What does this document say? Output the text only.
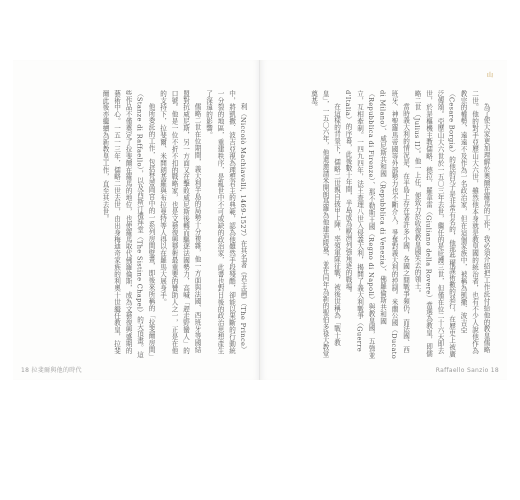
利（Niccolò Machiavelli, 1469-1527）在其名著《君主論》（The Prince）中，將凱撒．波吉亞視為理想君主的典範，認為他雖然手段殘酷，卻能以果斷的行動統一分裂的地區，重建秩序，是亂世中不可或缺的政治家，此書也對日後的政治思想產生了深遠的影響。

儒略二世在位期間，義大利半島的局勢十分複雜，他一方面與法國、西班牙等國結盟對抗威尼斯，另一方面又在擊敗威尼斯後轉而驅逐法國勢力，高喊「趕走野蠻人」的口號。他是一位不折不扣的戰略家，也是文藝復興藝術最重要的贊助人之一，正是在他的支持下，拉斐爾、米開朗基羅與布拉曼特等人得以在羅馬大展身手。

他所委託的工作，包括梵蒂岡宮中的一系列房間壁畫，即後來所稱的「拉斐爾房間」（Stanze di Raffaello），以及西斯汀禮拜堂（The Sistine Chapel）的天頂畫。這些作品不僅奠定了拉斐爾在羅馬的地位，也使羅馬取代佛羅倫斯，成為文藝復興盛期的藝術中心。一五一三年，儒略二世去世，由出身梅迪奇家族的利奧十世繼任教皇，拉斐爾此後亦繼續為新教皇工作，直至其去世。

18 拉斐爾與他的時代
山

為了使大家更加理解於奧爾在羅馬的工作，我必須介紹把工作託付給他的教皇儒略二世。他的對手亞歷山大六世，雖然他本身就是教皇國的統治者，也有不少人說他作為教宗的權勢，遠遠不及作為一名政治家，但在這個家族中，被稱為凱撒．波吉亞（Cesare Borgia）的他的兒子是非常有名的，他那些權謀術數的惡行，在歷史上被廣泛傳頌。亞歷山大六世於一五〇三年去世，繼任的是庇護三世，但僅在位二十六天即去世，於是樞機主教儒略．德拉．羅韋雷（Giuliano della Rovere）當選為教皇，即儒略二世（Julius II）。他一上任，便致力於收復教皇國失去的領土。

當時義大利的情況是，在半島上存在著許多小國，各國之間戰爭頻仍，而法國、西班牙、神聖羅馬帝國等外部勢力也不斷介入，爭奪對義大利的控制。米蘭公國（Ducato di Milano）、威尼斯共和國（Repubblica di Venezia）、佛羅倫斯共和國（Repubblica di Firenze）、那不勒斯王國（Regno di Napoli）與教皇國，五強並立，互相牽制。一四九四年，法王查理八世入侵義大利，揭開了義大利戰爭（Guerre d'Italia）的序幕，此後數十年間，半島成為歐洲列強角逐的戰場。

在這樣的背景下，儒略二世親自披甲上陣，率領軍隊征戰，被後世稱為「戰士教皇」，一五〇六年，他還邀請米開朗基羅為他建造陵墓，並在同年為新的聖伯多祿大教堂奠基。

Raffaello Sanzio 18
